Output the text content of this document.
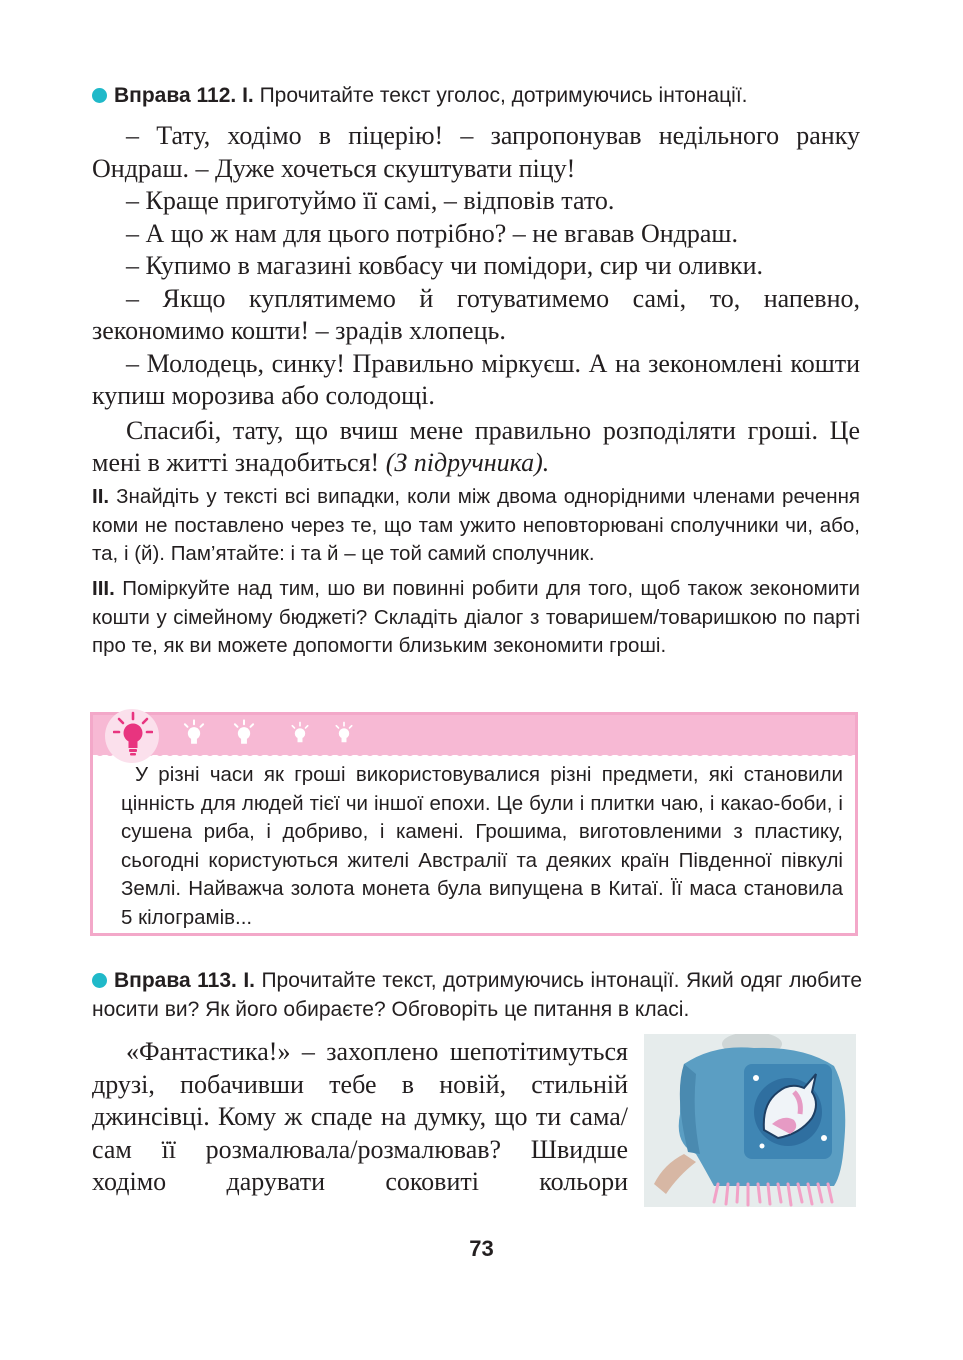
Вправа 112. І. Прочитайте текст уголос, дотримуючись інтонації.

– Тату, ходімо в піцерію! – запропонував недільного ранку Ондраш. – Дуже хочеться скуштувати піцу!

– Краще приготуймо її самі, – відповів тато.

– А що ж нам для цього потрібно? – не вгавав Ондраш.

– Купимо в магазині ковбасу чи помідори, сир чи оливки.

– Якщо куплятимемо й готуватимемо самі, то, напевно, зекономимо кошти! – зрадів хлопець.

– Молодець, синку! Правильно міркуєш. А на зекономлені кошти купиш морозива або солодощі.

Спасибі, тату, що вчиш мене правильно розподіляти гроші. Це мені в житті знадобиться! (З підручника).

ІІ. Знайдіть у тексті всі випадки, коли між двома однорідними членами речення коми не поставлено через те, що там ужито неповторювані сполучники чи, або, та, і (й). Пам’ятайте: і та й – це той самий сполучник.
ІІІ. Поміркуйте над тим, шо ви повинні робити для того, щоб також зекономити кошти у сімейному бюджеті? Складіть діалог з товаришем/товаришкою по парті про те, як ви можете допомогти близьким зекономити гроші.

У різні часи як гроші використовувалися різні предмети, які становили цінність для людей тієї чи іншої епохи. Це були і плитки чаю, і какао-боби, і сушена риба, і добриво, і камені. Грошима, виготовленими з пластику, сьогодні користуються жителі Австралії та деяких країн Південної півкулі Землі. Найважча золота монета була випущена в Китаї. Її маса становила 5 кілограмів...

Вправа 113. І. Прочитайте текст, дотримуючись інтонації. Який одяг любите носити ви? Як його обираєте? Обговоріть це питання в класі.

«Фантастика!» – захоплено шепотітимуться друзі, побачивши тебе в новій, стильній джинсівці. Кому ж спаде на думку, що ти сама/сам її розмалювала/розмалював? Швидше ходімо дарувати соковиті кольори

73
